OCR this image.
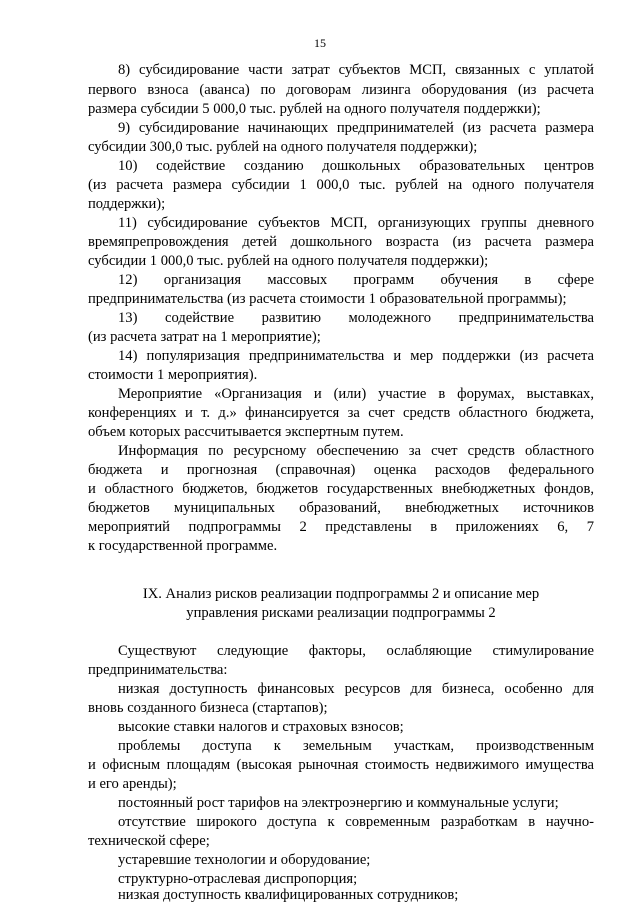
15
8) субсидирование части затрат субъектов МСП, связанных с уплатой
первого взноса (аванса) по договорам лизинга оборудования (из расчета
размера субсидии 5 000,0 тыс. рублей на одного получателя поддержки);
9) субсидирование начинающих предпринимателей (из расчета размера
субсидии 300,0 тыс. рублей на одного получателя поддержки);
10) содействие созданию дошкольных образовательных центров
(из расчета размера субсидии 1 000,0 тыс. рублей на одного получателя
поддержки);
11) субсидирование субъектов МСП, организующих группы дневного
времяпрепровождения детей дошкольного возраста (из расчета размера
субсидии 1 000,0 тыс. рублей на одного получателя поддержки);
12) организация массовых программ обучения в сфере
предпринимательства (из расчета стоимости 1 образовательной программы);
13) содействие развитию молодежного предпринимательства
(из расчета затрат на 1 мероприятие);
14) популяризация предпринимательства и мер поддержки (из расчета
стоимости 1 мероприятия).
Мероприятие «Организация и (или) участие в форумах, выставках,
конференциях и т. д.» финансируется за счет средств областного бюджета,
объем которых рассчитывается экспертным путем.
Информация по ресурсному обеспечению за счет средств областного
бюджета и прогнозная (справочная) оценка расходов федерального
и областного бюджетов, бюджетов государственных внебюджетных фондов,
бюджетов муниципальных образований, внебюджетных источников
мероприятий подпрограммы 2 представлены в приложениях 6, 7
к государственной программе.
IX. Анализ рисков реализации подпрограммы 2 и описание мер
управления рисками реализации подпрограммы 2
Существуют следующие факторы, ослабляющие стимулирование
предпринимательства:
низкая доступность финансовых ресурсов для бизнеса, особенно для
вновь созданного бизнеса (стартапов);
высокие ставки налогов и страховых взносов;
проблемы доступа к земельным участкам, производственным
и офисным площадям (высокая рыночная стоимость недвижимого имущества
и его аренды);
постоянный рост тарифов на электроэнергию и коммунальные услуги;
отсутствие широкого доступа к современным разработкам в научно-
технической сфере;
устаревшие технологии и оборудование;
структурно-отраслевая диспропорция;
низкая доступность квалифицированных сотрудников;
